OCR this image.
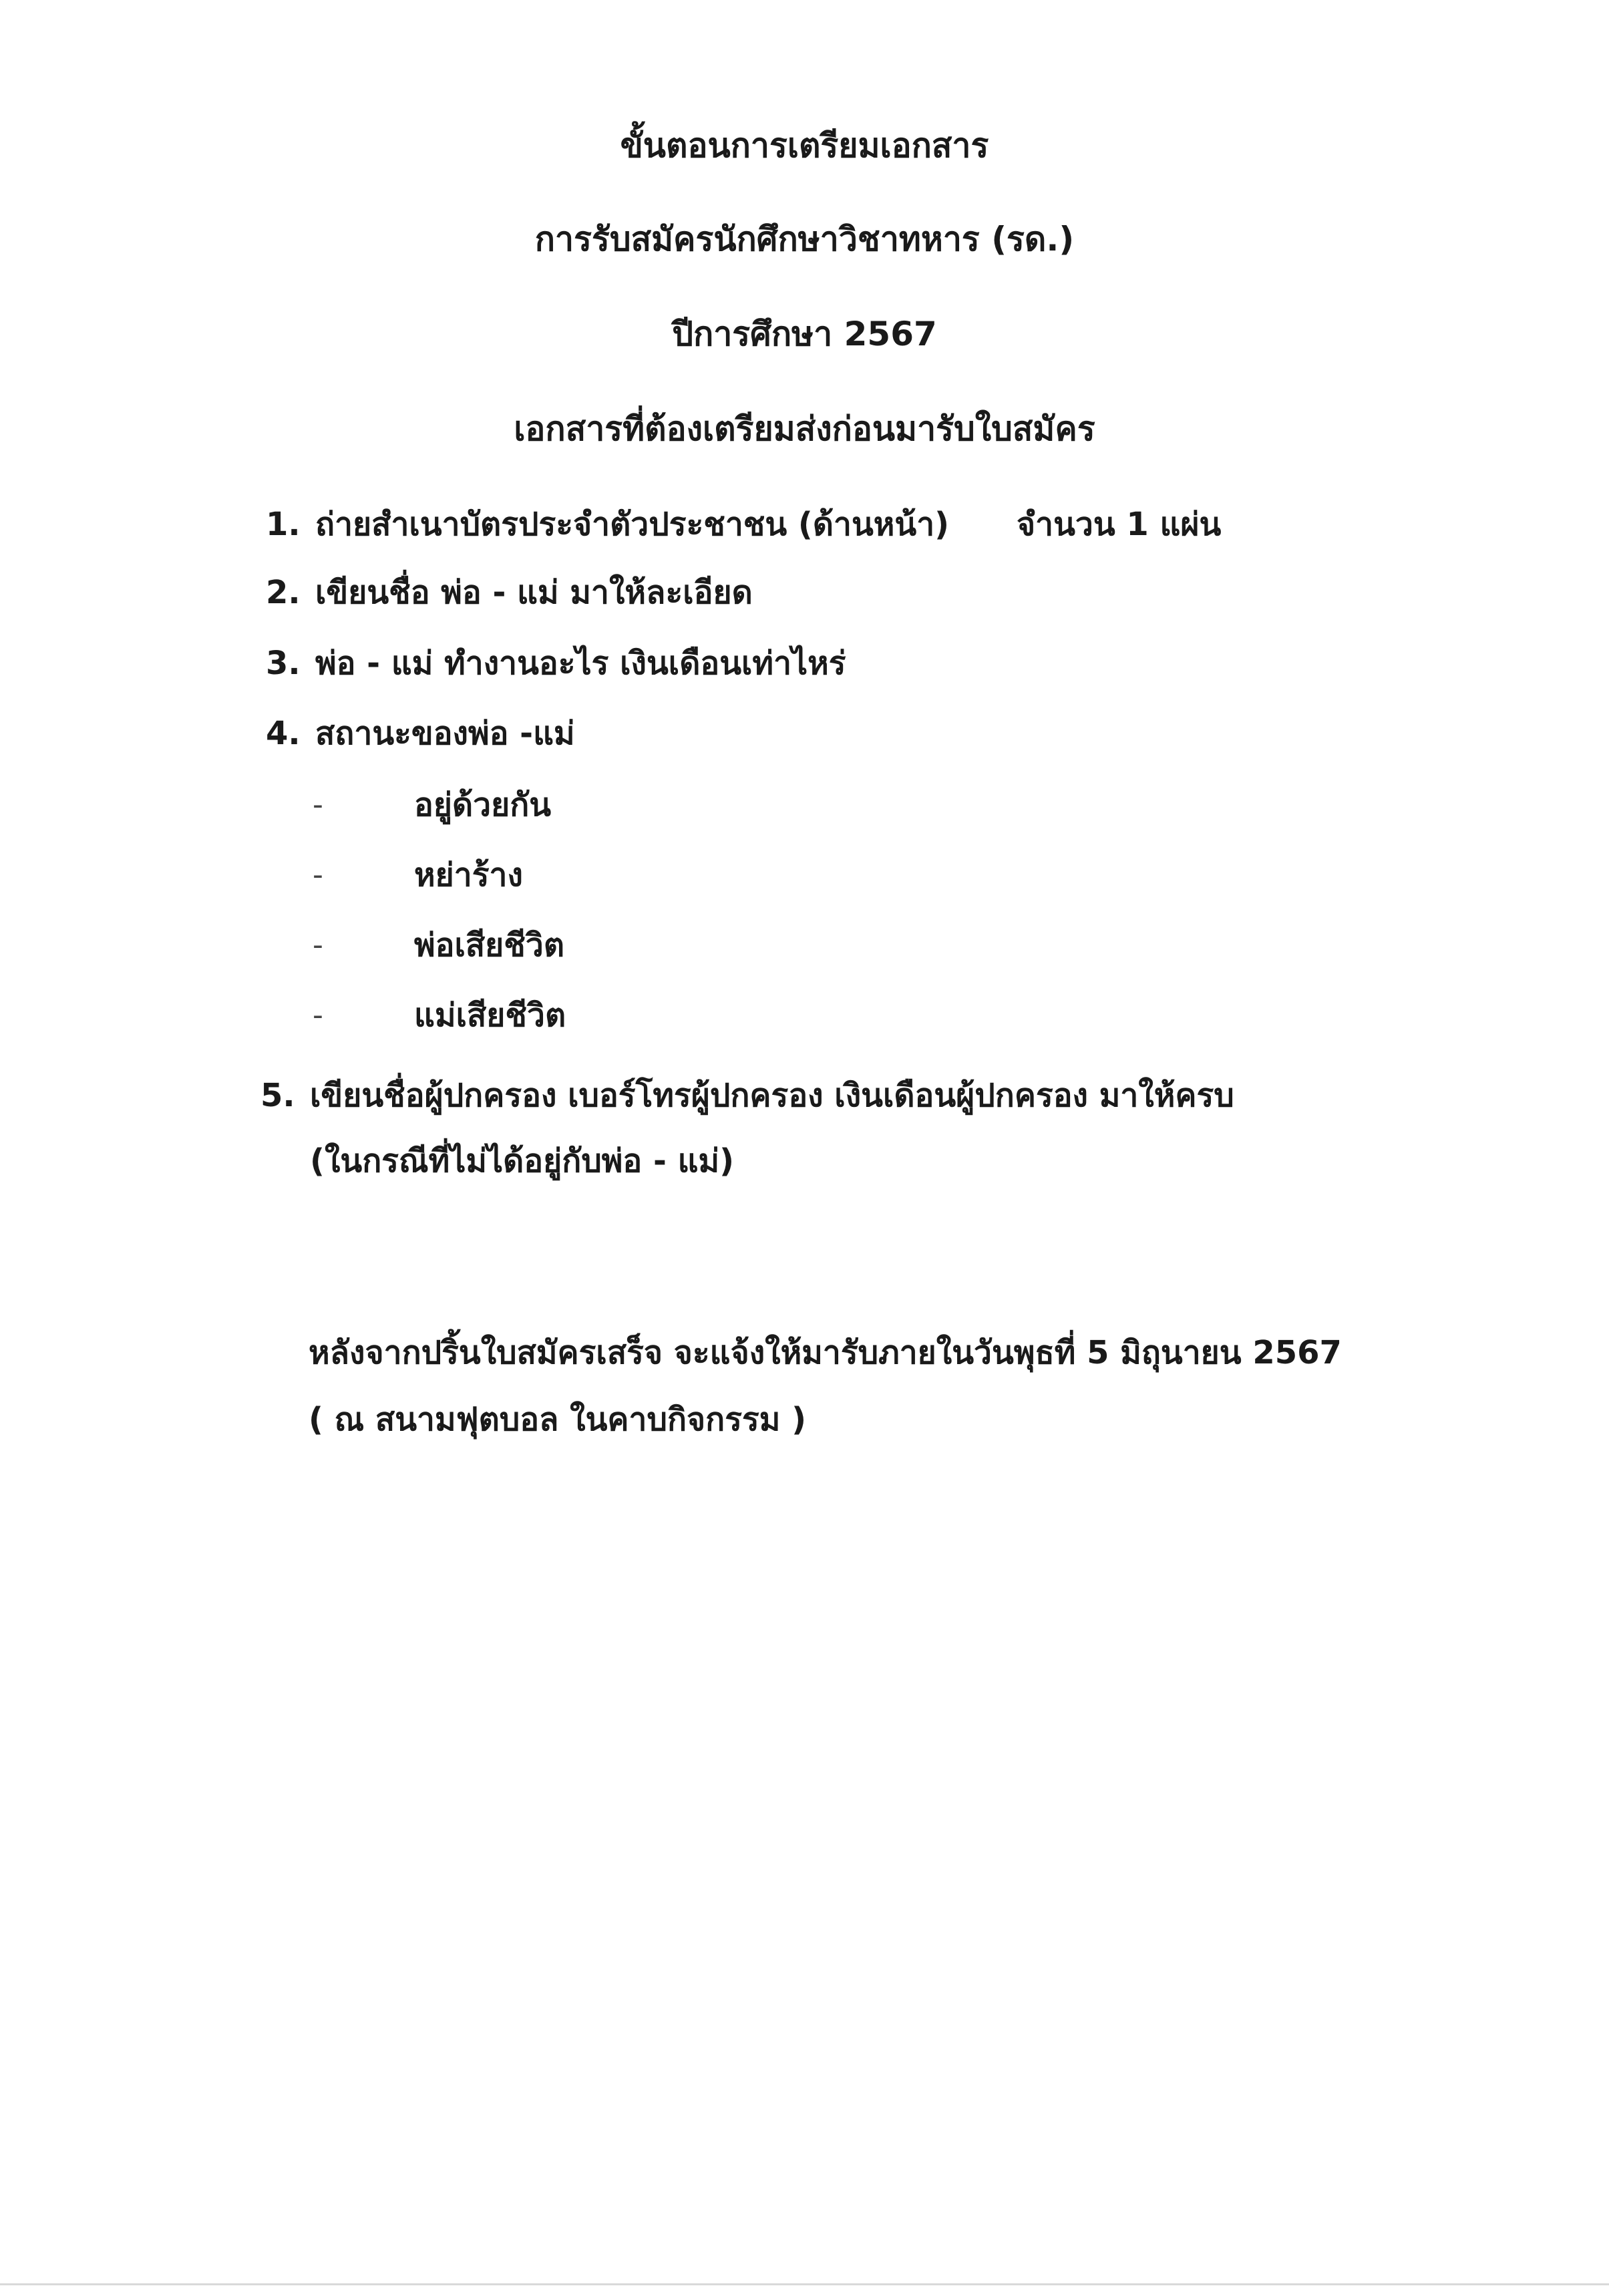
ขั้นตอนการเตรียมเอกสาร
การรับสมัครนักศึกษาวิชาทหาร (รด.)
ปีการศึกษา 2567
เอกสารที่ต้องเตรียมส่งก่อนมารับใบสมัคร
1. ถ่ายสำเนาบัตรประจำตัวประชาชน (ด้านหน้า) จำนวน 1 แผ่น
2. เขียนชื่อ พ่อ - แม่ มาให้ละเอียด
3. พ่อ - แม่ ทำงานอะไร เงินเดือนเท่าไหร่
4. สถานะของพ่อ -แม่
-	อยู่ด้วยกัน
-	หย่าร้าง
-	พ่อเสียชีวิต
-	แม่เสียชีวิต
5. เขียนชื่อผู้ปกครอง เบอร์โทรผู้ปกครอง เงินเดือนผู้ปกครอง มาให้ครบ
(ในกรณีที่ไม่ได้อยู่กับพ่อ - แม่)
หลังจากปริ้นใบสมัครเสร็จ จะแจ้งให้มารับภายในวันพุธที่ 5 มิถุนายน 2567
( ณ สนามฟุตบอล ในคาบกิจกรรม )
